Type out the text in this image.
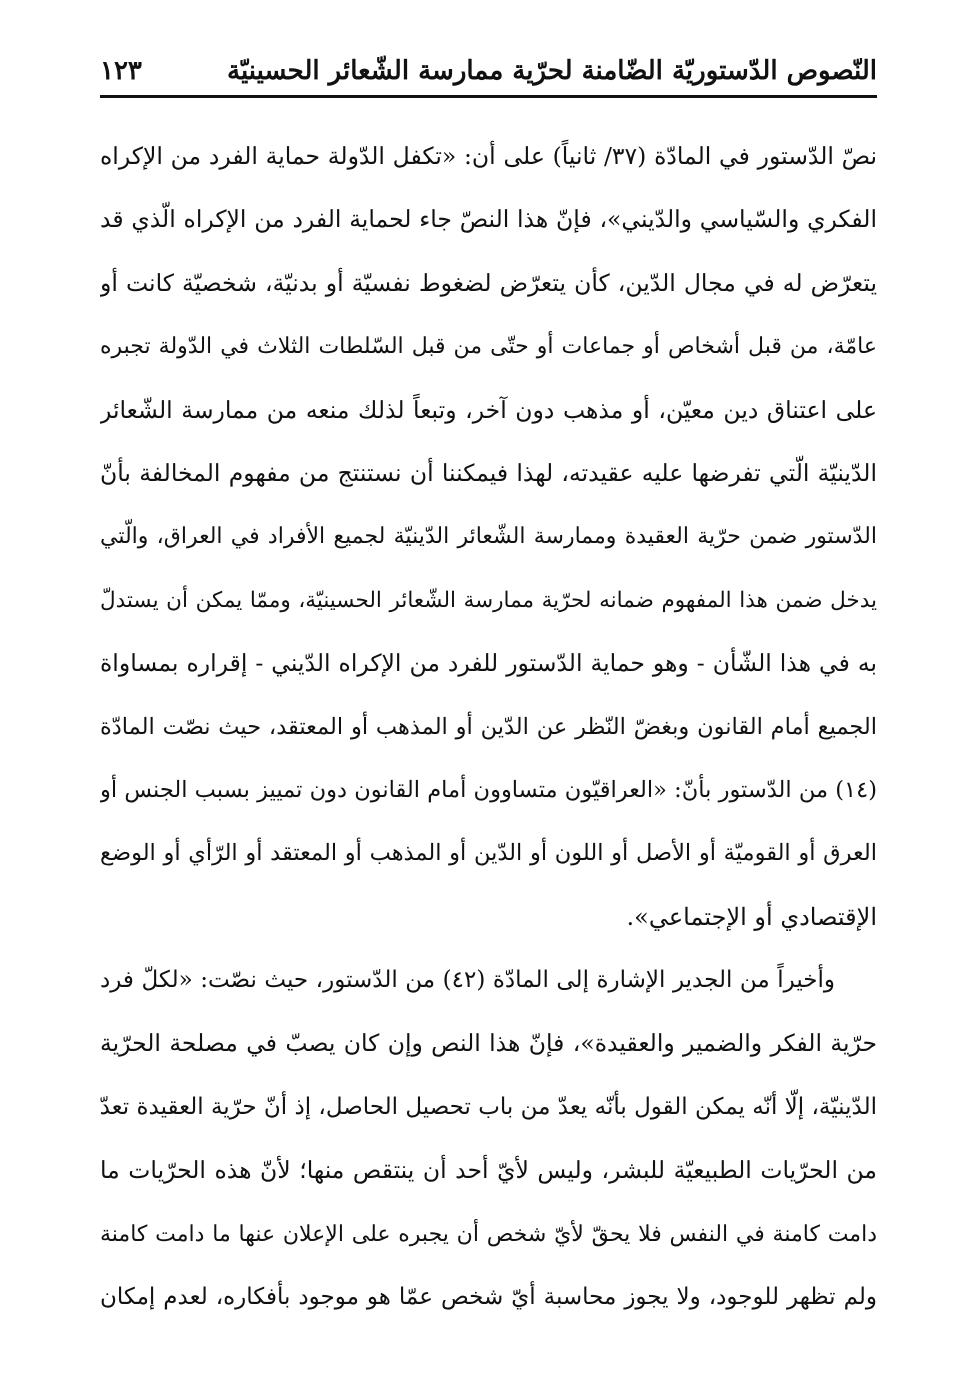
النّصوص الدّستوريّة الضّامنة لحرّية ممارسة الشّعائر الحسينيّة
١٢٣
نصّ الدّستور في المادّة (٣٧/ ثانياً) على أن: «تكفل الدّولة حماية الفرد من الإكراه
الفكري والسّياسي والدّيني»، فإنّ هذا النصّ جاء لحماية الفرد من الإكراه الّذي قد
يتعرّض له في مجال الدّين، كأن يتعرّض لضغوط نفسيّة أو بدنيّة، شخصيّة كانت أو
عامّة، من قبل أشخاص أو جماعات أو حتّى من قبل السّلطات الثلاث في الدّولة تجبره
على اعتناق دين معيّن، أو مذهب دون آخر، وتبعاً لذلك منعه من ممارسة الشّعائر
الدّينيّة الّتي تفرضها عليه عقيدته، لهذا فيمكننا أن نستنتج من مفهوم المخالفة بأنّ
الدّستور ضمن حرّية العقيدة وممارسة الشّعائر الدّينيّة لجميع الأفراد في العراق، والّتي
يدخل ضمن هذا المفهوم ضمانه لحرّية ممارسة الشّعائر الحسينيّة، وممّا يمكن أن يستدلّ
به في هذا الشّأن - وهو حماية الدّستور للفرد من الإكراه الدّيني - إقراره بمساواة
الجميع أمام القانون وبغضّ النّظر عن الدّين أو المذهب أو المعتقد، حيث نصّت المادّة
(١٤) من الدّستور بأنّ: «العراقيّون متساوون أمام القانون دون تمييز بسبب الجنس أو
العرق أو القوميّة أو الأصل أو اللون أو الدّين أو المذهب أو المعتقد أو الرّأي أو الوضع
الإقتصادي أو الإجتماعي».
وأخيراً من الجدير الإشارة إلى المادّة (٤٢) من الدّستور، حيث نصّت: «لكلّ فرد
حرّية الفكر والضمير والعقيدة»، فإنّ هذا النص وإن كان يصبّ في مصلحة الحرّية
الدّينيّة، إلّا أنّه يمكن القول بأنّه يعدّ من باب تحصيل الحاصل، إذ أنّ حرّية العقيدة تعدّ
من الحرّيات الطبيعيّة للبشر، وليس لأيّ أحد أن ينتقص منها؛ لأنّ هذه الحرّيات ما
دامت كامنة في النفس فلا يحقّ لأيّ شخص أن يجبره على الإعلان عنها ما دامت كامنة
ولم تظهر للوجود، ولا يجوز محاسبة أيّ شخص عمّا هو موجود بأفكاره، لعدم إمكان
